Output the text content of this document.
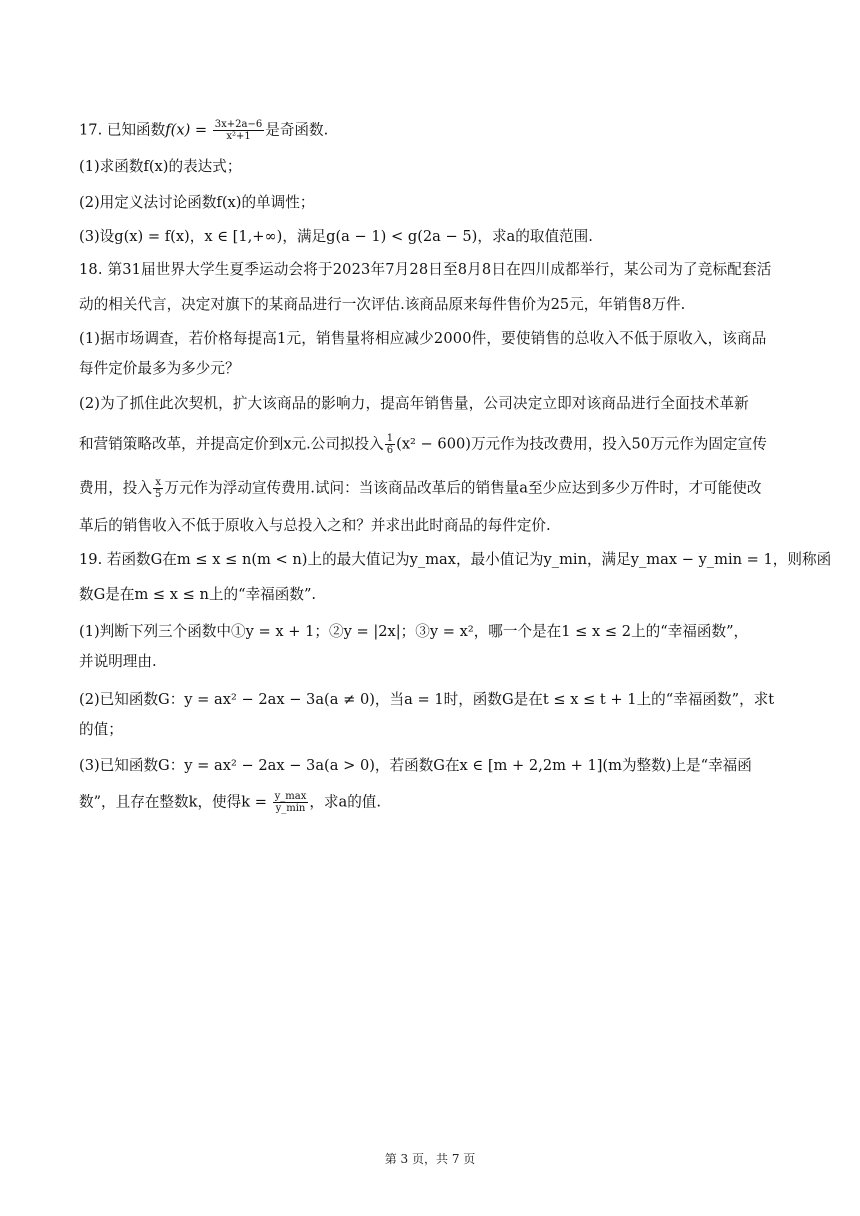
17. 已知函数$f(x) = \frac{3x+2a-6}{\text{x²+1}}$ 是奇函数.
(1)求函数f(x)的表达式；
(2)用定义法讨论函数f(x)的单调性；
(3)设g(x) = f(x)，x ∈ [1,+∞)，满足g(a − 1) < g(2a − 5)，求a的取值范围.
18. 第31届世界大学生夏季运动会将于2023年7月28日至8月8日在四川成都举行，某公司为了竞标配套活
动的相关代言，决定对旗下的某商品进行一次评估.该商品原来每件售价为25元，年销售8万件.
(1)据市场调查，若价格每提高1元，销售量将相应减少2000件，要使销售的总收入不低于原收入，该商品
每件定价最多为多少元？
(2)为了抓住此次契机，扩大该商品的影响力，提高年销售量，公司决定立即对该商品进行全面技术革新
和营销策略改革，并提高定价到x元.公司拟投入 $\frac{1}{6} (x^2 - 600)$万元作为技改费用，投入50万元作为固定宣传
费用，投入 $\frac{x}{5}$ 万元作为浮动宣传费用.试问：当该商品改革后的销售量a至少应达到多少万件时，才可能使改
革后的销售收入不低于原收入与总投入之和？并求出此时商品的每件定价.
19. 若函数G在m ≤ x ≤ n(m < n)上的最大值记为y_max，最小值记为y_min，满足y_max − y_min = 1，则称函
数G是在m ≤ x ≤ n上的“幸福函数”.
(1)判断下列三个函数中①y = x + 1；②y = |2x|；③y = x²，哪一个是在1 ≤ x ≤ 2上的“幸福函数”，
并说明理由.
(2)已知函数G：y = ax² − 2ax − 3a(a ≠ 0)，当a = 1时，函数G是在t ≤ x ≤ t + 1上的“幸福函数”，求t
的值；
(3)已知函数G：y = ax² − 2ax − 3a(a > 0)，若函数G在x ∈ [m + 2,2m + 1](m为整数)上是“幸福函
数”，且存在整数k，使得$k = \frac{y\_\max}{y\_\min}$ ，求a的值.
第 3 页，共 7 页
